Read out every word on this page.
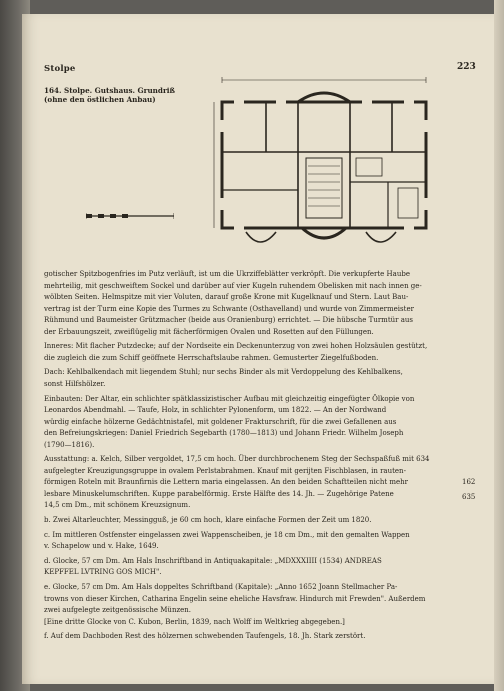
Stolpe	223
164. Stolpe. Gutshaus. Grundriß
(ohne den östlichen Anbau)
gotischer Spitzbogenfries im Putz verläuft, ist um die Ukrziffeblätter verkröpft. Die verkupferte Haube
mehrteilig, mit geschweiftem Sockel und darüber auf vier Kugeln ruhendem Obelisken mit nach innen ge-
wölbten Seiten. Helmspitze mit vier Voluten, darauf große Krone mit Kugelknauf und Stern. Laut Bau-
vertrag ist der Turm eine Kopie des Turmes zu Schwante (Osthavelland) und wurde von Zimmermeister
Rühmund und Baumeister Grützmacher (beide aus Oranienburg) errichtet. — Die hübsche Turmtür aus
der Erbauungszeit, zweiflügelig mit fächerförmigen Ovalen und Rosetten auf den Füllungen.
Inneres: Mit flacher Putzdecke; auf der Nordseite ein Deckenunterzug von zwei hohen Holzsäulen gestützt,
die zugleich die zum Schiff geöffnete Herrschaftslaube rahmen. Gemusterter Ziegelfußboden.
Dach: Kehlbalkendach mit liegendem Stuhl; nur sechs Binder als mit Verdoppelung des Kehlbalkens,
sonst Hilfshölzer.
Einbauten: Der Altar, ein schlichter spätklassizistischer Aufbau mit gleichzeitig eingefügter Ölkopie von
Leonardos Abendmahl. — Taufe, Holz, in schlichter Pylonenform, um 1822. — An der Nordwand
würdig einfache hölzerne Gedächtnistafel, mit goldener Frakturschrift, für die zwei Gefallenen aus
den Befreiungskriegen: Daniel Friedrich Segebarth (1780—1813) und Johann Friedr. Wilhelm Joseph
(1790—1816).
Ausstattung: a. Kelch, Silber vergoldet, 17,5 cm hoch. Über durchbrochenem Steg der Sechspaßfuß mit 634
aufgelegter Kreuzigungsgruppe in ovalem Perlstabrahmen. Knauf mit gerijten Fischblasen, in rauten-
förmigen Roteln mit Braunfirnis die Lettern maria eingelassen. An den beiden Schaftteilen nicht mehr
lesbare Minuskelumschriften. Kuppe parabelförmig. Erste Hälfte des 14. Jh. — Zugehörige Patene
14,5 cm Dm., mit schönem Kreuzsignum.
b. Zwei Altarleuchter, Messingguß, je 60 cm hoch, klare einfache Formen der Zeit um 1820.
c. Im mittleren Ostfenster eingelassen zwei Wappenscheiben, je 18 cm Dm., mit den gemalten Wappen
v. Schapelow und v. Hake, 1649.
d. Glocke, 57 cm Dm. Am Hals Inschriftband in Antiquakapitale: „MDXXXIIII (1534) ANDREAS
KEPFFEL LVTRING GOS MICH".
e. Glocke, 57 cm Dm. Am Hals doppeltes Schriftband (Kapitale): „Anno 1652 Joann Stellmacher Pa-
trowns von dieser Kirchen, Catharina Engelin seine eheliche Havsfraw. Hindurch mit Frewden". Außerdem
zwei aufgelegte zeitgenössische Münzen.
[Eine dritte Glocke von C. Kubon, Berlin, 1839, nach Wolff im Weltkrieg abgegeben.]
f. Auf dem Dachboden Rest des hölzernen schwebenden Taufengels, 18. Jh. Stark zerstört.
162
635
